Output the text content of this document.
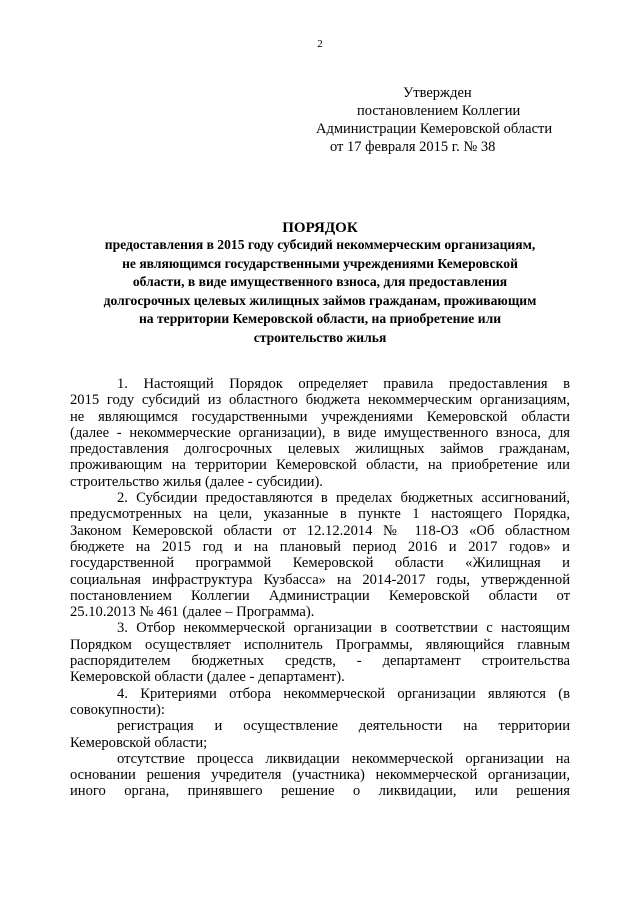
2
Утвержден
постановлением Коллегии
Администрации Кемеровской области
от 17 февраля 2015 г. № 38
ПОРЯДОК
предоставления в 2015 году субсидий некоммерческим организациям,
не являющимся государственными учреждениями Кемеровской
области, в виде имущественного взноса, для предоставления
долгосрочных целевых жилищных займов гражданам, проживающим
на территории Кемеровской области, на приобретение или
строительство жилья
1. Настоящий Порядок определяет правила предоставления в
2015 году субсидий из областного бюджета некоммерческим организациям,
не являющимся государственными учреждениями Кемеровской области
(далее - некоммерческие организации), в виде имущественного взноса, для
предоставления долгосрочных целевых жилищных займов гражданам,
проживающим на территории Кемеровской области, на приобретение или
строительство жилья (далее - субсидии).
2. Субсидии предоставляются в пределах бюджетных ассигнований,
предусмотренных на цели, указанные в пункте 1 настоящего Порядка,
Законом Кемеровской области от 12.12.2014 № 118-ОЗ «Об областном
бюджете на 2015 год и на плановый период 2016 и 2017 годов» и
государственной программой Кемеровской области «Жилищная и
социальная инфраструктура Кузбасса» на 2014-2017 годы, утвержденной
постановлением Коллегии Администрации Кемеровской области от
25.10.2013 № 461 (далее – Программа).
3. Отбор некоммерческой организации в соответствии с настоящим
Порядком осуществляет исполнитель Программы, являющийся главным
распорядителем бюджетных средств, - департамент строительства
Кемеровской области (далее - департамент).
4. Критериями отбора некоммерческой организации являются (в
совокупности):
регистрация и осуществление деятельности на территории
Кемеровской области;
отсутствие процесса ликвидации некоммерческой организации на
основании решения учредителя (участника) некоммерческой организации,
иного органа, принявшего решение о ликвидации, или решения
